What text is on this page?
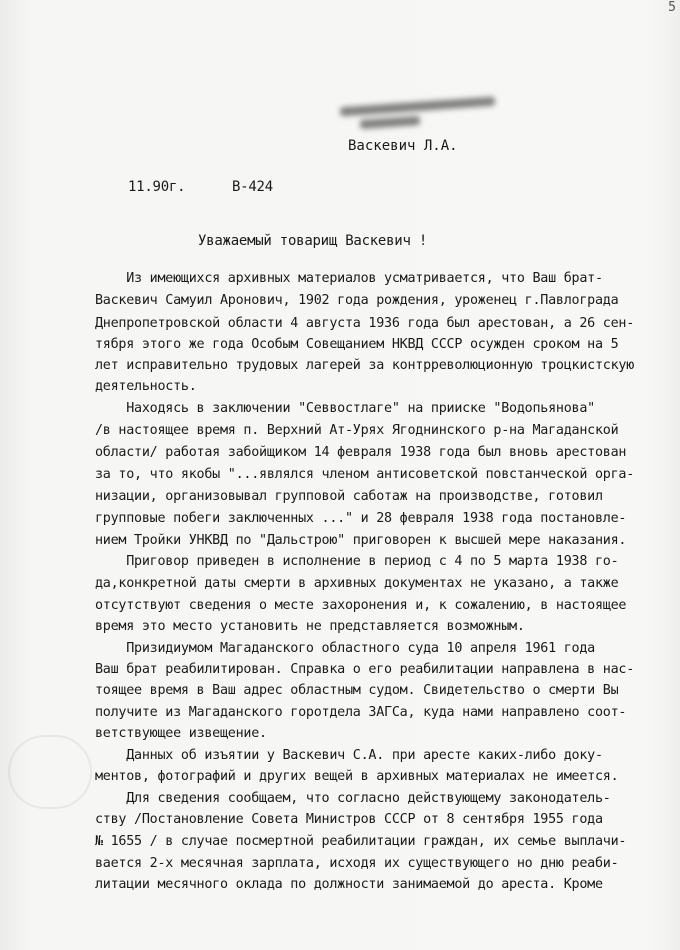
5
Васкевич Л.А.
11.90г.	В-424
Уважаемый товарищ Васкевич !
Из имеющихся архивных материалов усматривается, что Ваш брат-
Васкевич Самуил Аронович, 1902 года рождения, уроженец г.Павлограда
Днепропетровской области 4 августа 1936 года был арестован, а 26 сен-
тября этого же года Особым Совещанием НКВД СССР осужден сроком на 5
лет исправительно трудовых лагерей за контрреволюционную троцкистскую
деятельность.
Находясь в заключении "Севвостлаге" на прииске "Водопьянова"
/в настоящее время п. Верхний Ат-Урях Ягоднинского р-на Магаданской
области/ работая забойщиком 14 февраля 1938 года был вновь арестован
за то, что якобы "...являлся членом антисоветской повстанческой орга-
низации, организовывал групповой саботаж на производстве, готовил
групповые побеги заключенных ..." и 28 февраля 1938 года постановле-
нием Тройки УНКВД по "Дальстрою" приговорен к высшей мере наказания.
Приговор приведен в исполнение в период с 4 по 5 марта 1938 го-
да,конкретной даты смерти в архивных документах не указано, а также
отсутствуют сведения о месте захоронения и, к сожалению, в настоящее
время это место установить не представляется возможным.
Призидиумом Магаданского областного суда 10 апреля 1961 года
Ваш брат реабилитирован. Справка о его реабилитации направлена в нас-
тоящее время в Ваш адрес областным судом. Свидетельство о смерти Вы
получите из Магаданского горотдела ЗАГСа, куда нами направлено соот-
ветствующее извещение.
Данных об изъятии у Васкевич С.А. при аресте каких-либо доку-
ментов, фотографий и других вещей в архивных материалах не имеется.
Для сведения сообщаем, что согласно действующему законодатель-
ству /Постановление Совета Министров СССР от 8 сентября 1955 года
№ 1655 / в случае посмертной реабилитации граждан, их семье выплачи-
вается 2-х месячная зарплата, исходя их существующего но дню реаби-
литации месячного оклада по должности занимаемой до ареста. Кроме
